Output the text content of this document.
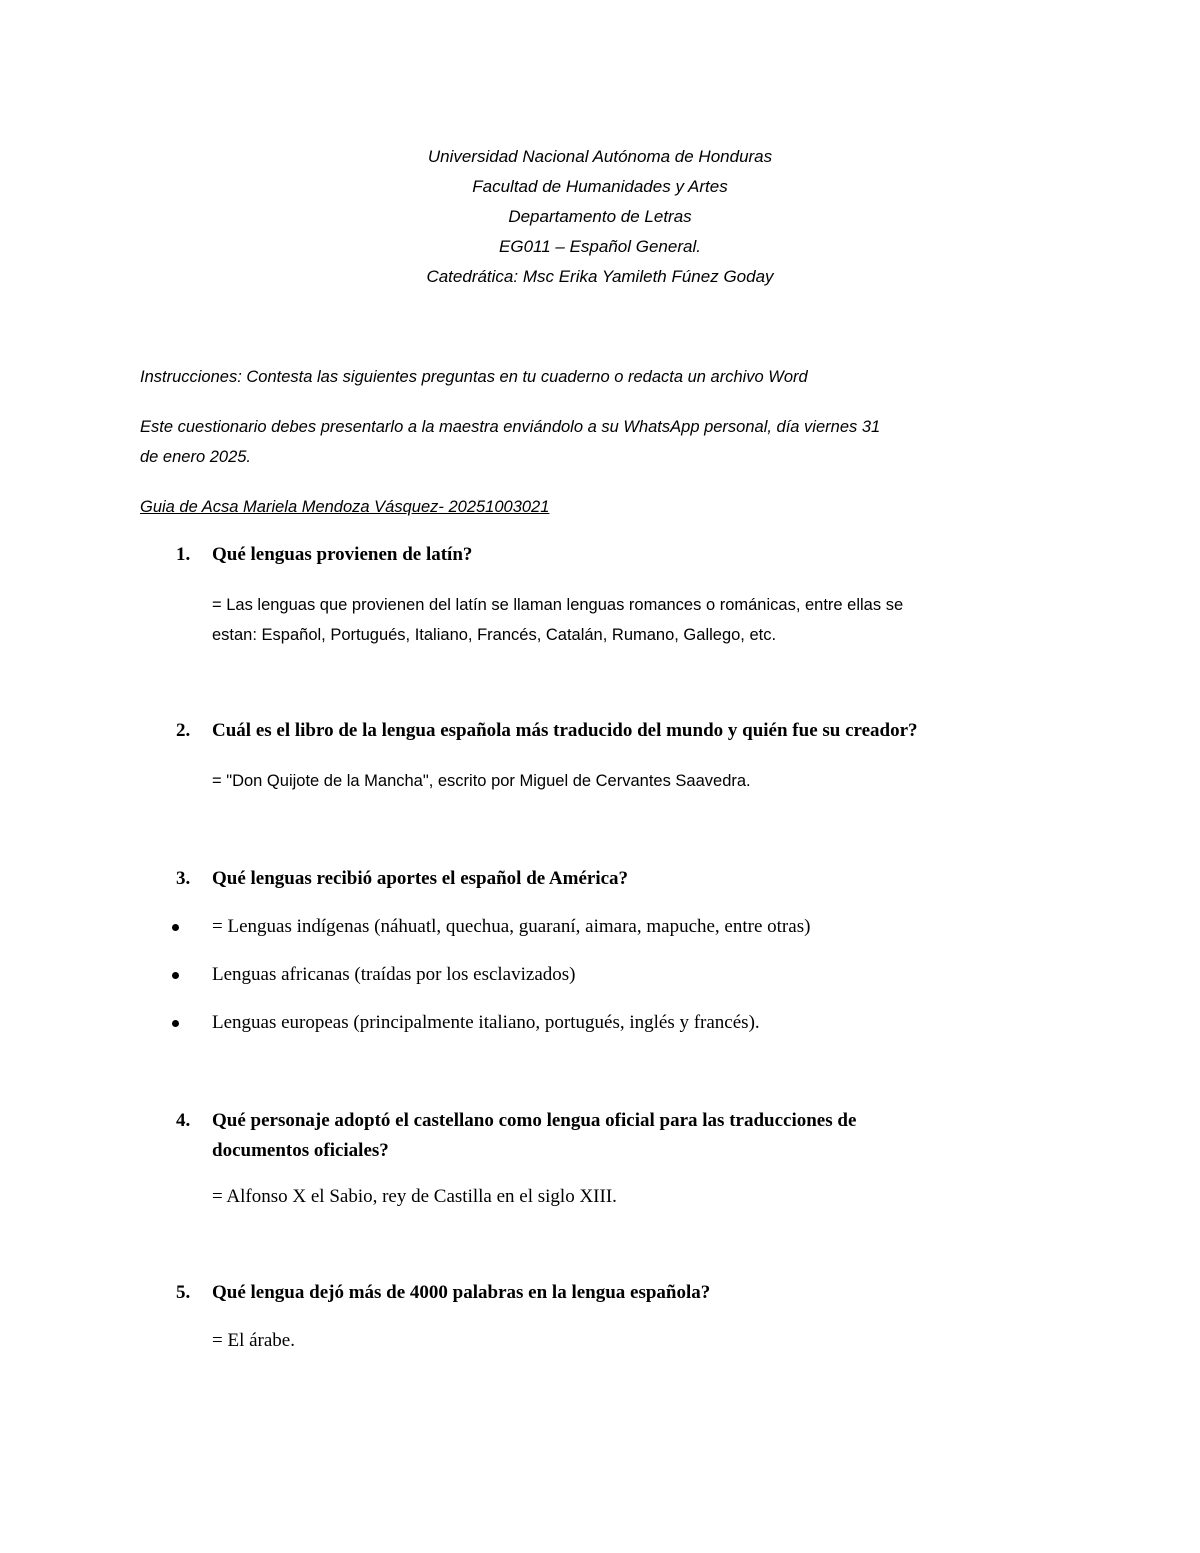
Universidad Nacional Autónoma de Honduras
Facultad de Humanidades y Artes
Departamento de Letras
EG011 – Español General.
Catedrática: Msc Erika Yamileth Fúnez Goday
Instrucciones: Contesta las siguientes preguntas en tu cuaderno o redacta un archivo Word
Este cuestionario debes presentarlo a la maestra enviándolo a su WhatsApp personal, día viernes 31
de enero 2025.
Guia de Acsa Mariela Mendoza Vásquez- 20251003021
1. Qué lenguas provienen de latín?
= Las lenguas que provienen del latín se llaman lenguas romances o románicas, entre ellas se
estan: Español, Portugués, Italiano, Francés, Catalán, Rumano, Gallego, etc.
2. Cuál es el libro de la lengua española más traducido del mundo y quién fue su creador?
= "Don Quijote de la Mancha", escrito por Miguel de Cervantes Saavedra.
3. Qué lenguas recibió aportes el español de América?
= Lenguas indígenas (náhuatl, quechua, guaraní, aimara, mapuche, entre otras)
Lenguas africanas (traídas por los esclavizados)
Lenguas europeas (principalmente italiano, portugués, inglés y francés).
4. Qué personaje adoptó el castellano como lengua oficial para las traducciones de
documentos oficiales?
= Alfonso X el Sabio, rey de Castilla en el siglo XIII.
5. Qué lengua dejó más de 4000 palabras en la lengua española?
= El árabe.
